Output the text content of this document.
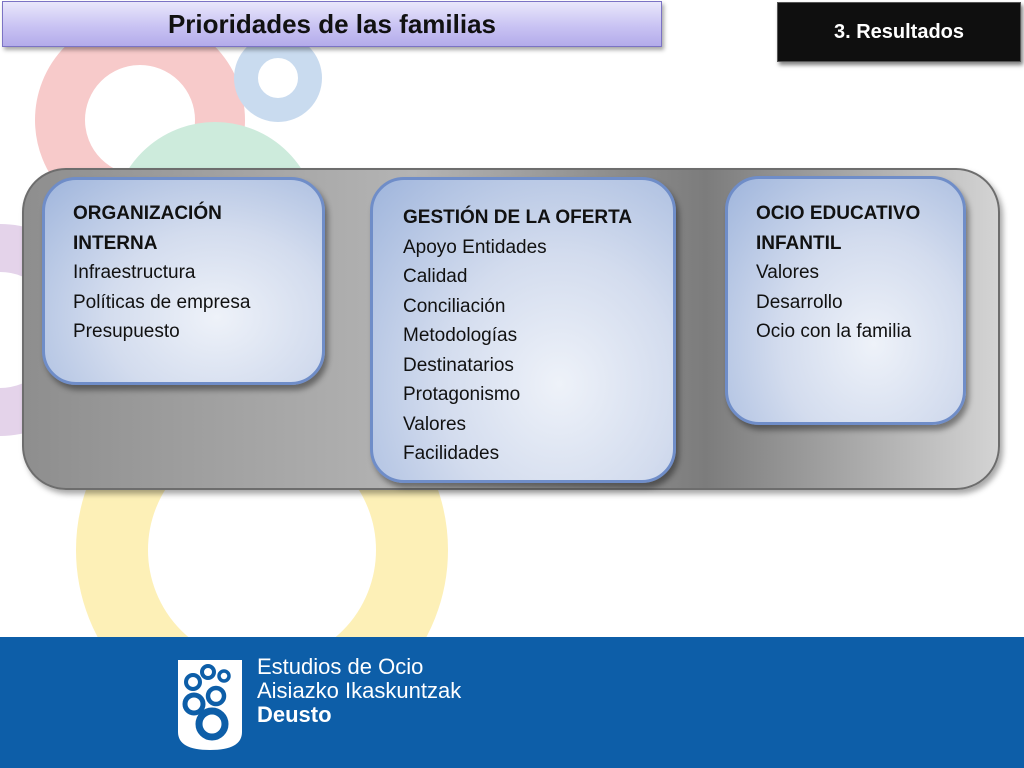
Prioridades de las familias	3. Resultados
ORGANIZACIÓN
INTERNA
Infraestructura
Políticas de empresa
Presupuesto
GESTIÓN DE LA OFERTA
Apoyo Entidades
Calidad
Conciliación
Metodologías
Destinatarios
Protagonismo
Valores
Facilidades
OCIO EDUCATIVO
INFANTIL
Valores
Desarrollo
Ocio con la familia
Estudios de Ocio
Aisiazko Ikaskuntzak
Deusto
